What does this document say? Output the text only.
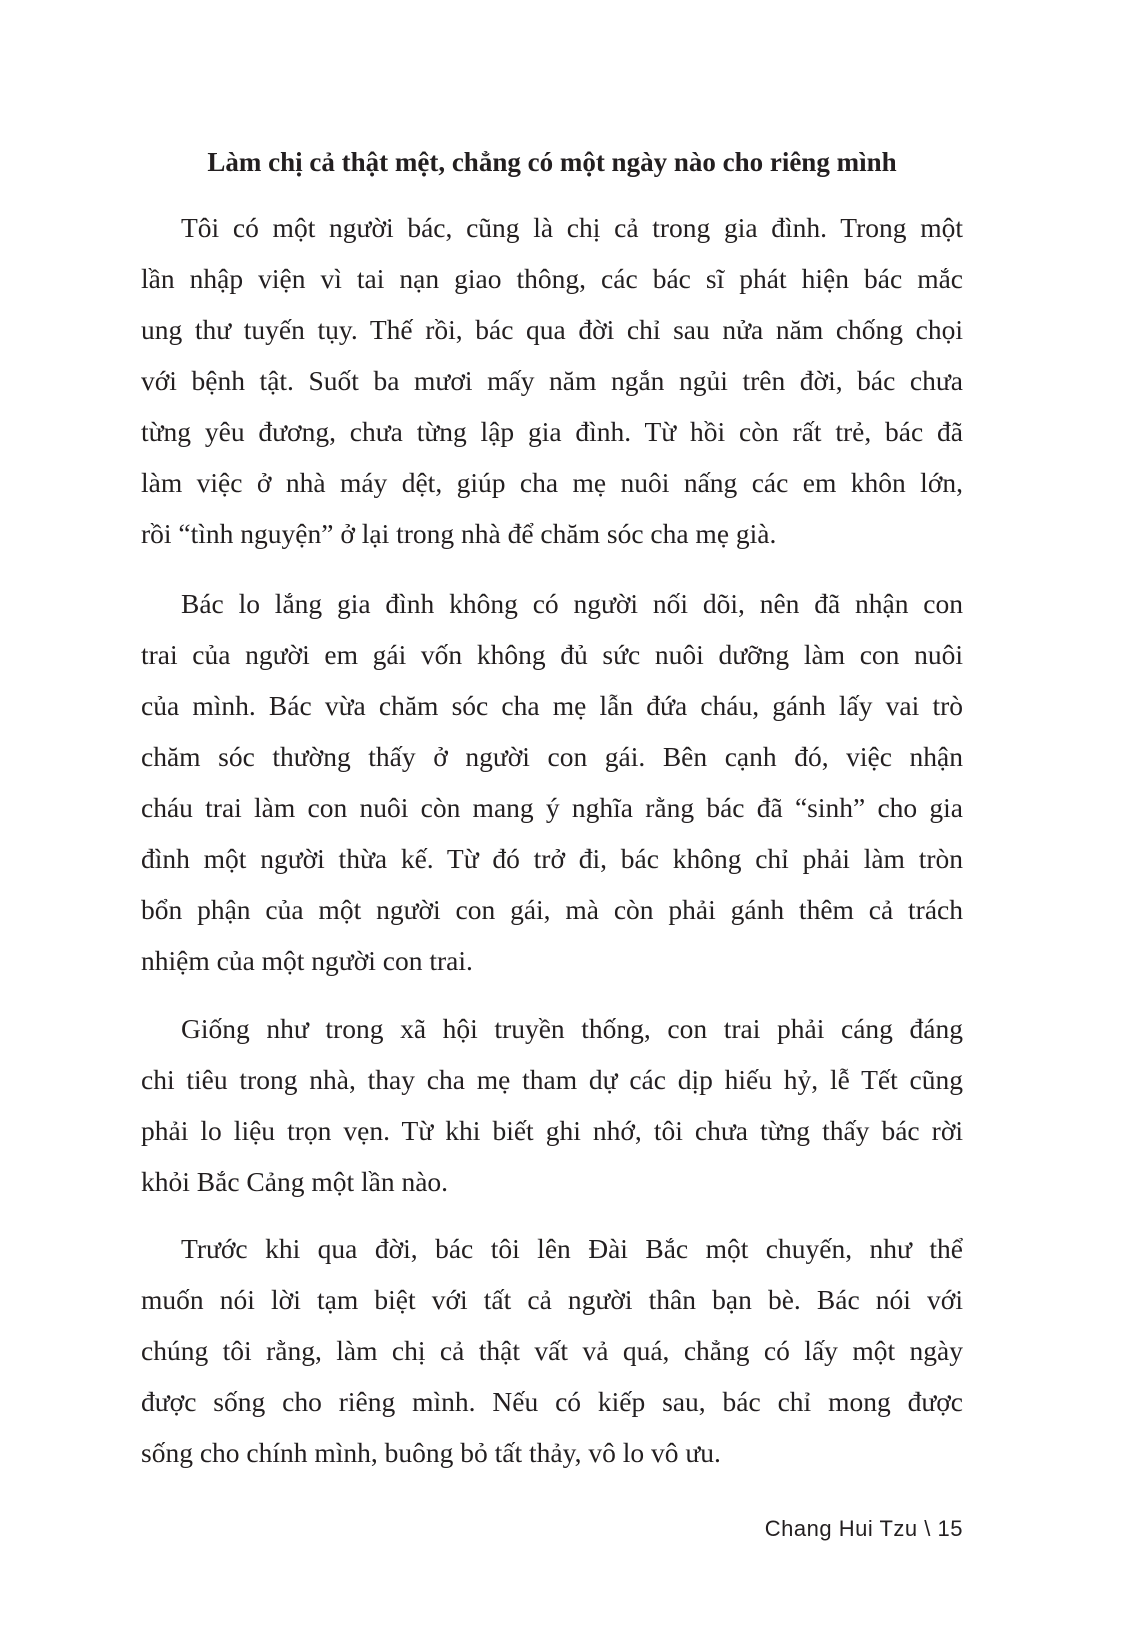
Làm chị cả thật mệt, chẳng có một ngày nào cho riêng mình
Tôi có một người bác, cũng là chị cả trong gia đình. Trong một
lần nhập viện vì tai nạn giao thông, các bác sĩ phát hiện bác mắc
ung thư tuyến tụy. Thế rồi, bác qua đời chỉ sau nửa năm chống chọi
với bệnh tật. Suốt ba mươi mấy năm ngắn ngủi trên đời, bác chưa
từng yêu đương, chưa từng lập gia đình. Từ hồi còn rất trẻ, bác đã
làm việc ở nhà máy dệt, giúp cha mẹ nuôi nấng các em khôn lớn,
rồi “tình nguyện” ở lại trong nhà để chăm sóc cha mẹ già.
Bác lo lắng gia đình không có người nối dõi, nên đã nhận con
trai của người em gái vốn không đủ sức nuôi dưỡng làm con nuôi
của mình. Bác vừa chăm sóc cha mẹ lẫn đứa cháu, gánh lấy vai trò
chăm sóc thường thấy ở người con gái. Bên cạnh đó, việc nhận
cháu trai làm con nuôi còn mang ý nghĩa rằng bác đã “sinh” cho gia
đình một người thừa kế. Từ đó trở đi, bác không chỉ phải làm tròn
bổn phận của một người con gái, mà còn phải gánh thêm cả trách
nhiệm của một người con trai.
Giống như trong xã hội truyền thống, con trai phải cáng đáng
chi tiêu trong nhà, thay cha mẹ tham dự các dịp hiếu hỷ, lễ Tết cũng
phải lo liệu trọn vẹn. Từ khi biết ghi nhớ, tôi chưa từng thấy bác rời
khỏi Bắc Cảng một lần nào.
Trước khi qua đời, bác tôi lên Đài Bắc một chuyến, như thể
muốn nói lời tạm biệt với tất cả người thân bạn bè. Bác nói với
chúng tôi rằng, làm chị cả thật vất vả quá, chẳng có lấy một ngày
được sống cho riêng mình. Nếu có kiếp sau, bác chỉ mong được
sống cho chính mình, buông bỏ tất thảy, vô lo vô ưu.
Chang Hui Tzu \ 15
